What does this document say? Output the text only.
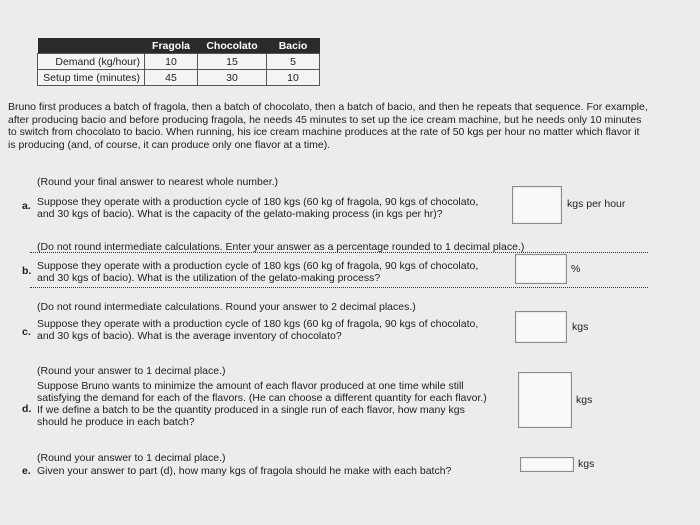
	Fragola	Chocolato	Bacio
Demand (kg/hour)	10	15	5
Setup time (minutes)	45	30	10
Bruno first produces a batch of fragola, then a batch of chocolato, then a batch of bacio, and then he repeats that sequence. For example, after producing bacio and before producing fragola, he needs 45 minutes to set up the ice cream machine, but he needs only 10 minutes to switch from chocolato to bacio. When running, his ice cream machine produces at the rate of 50 kgs per hour no matter which flavor it is producing (and, of course, it can produce only one flavor at a time).
(Round your final answer to nearest whole number.)
a. Suppose they operate with a production cycle of 180 kgs (60 kg of fragola, 90 kgs of chocolato,
and 30 kgs of bacio). What is the capacity of the gelato-making process (in kgs per hr)?
kgs per hour
(Do not round intermediate calculations. Enter your answer as a percentage rounded to 1 decimal place.)
b. Suppose they operate with a production cycle of 180 kgs (60 kg of fragola, 90 kgs of chocolato,
and 30 kgs of bacio). What is the utilization of the gelato-making process?
%
(Do not round intermediate calculations. Round your answer to 2 decimal places.)
c.
Suppose they operate with a production cycle of 180 kgs (60 kg of fragola, 90 kgs of chocolato,
and 30 kgs of bacio). What is the average inventory of chocolato?
kgs
(Round your answer to 1 decimal place.)
d.
Suppose Bruno wants to minimize the amount of each flavor produced at one time while still
satisfying the demand for each of the flavors. (He can choose a different quantity for each flavor.)
If we define a batch to be the quantity produced in a single run of each flavor, how many kgs
should he produce in each batch?
kgs
(Round your answer to 1 decimal place.)
e. Given your answer to part (d), how many kgs of fragola should he make with each batch?
kgs
